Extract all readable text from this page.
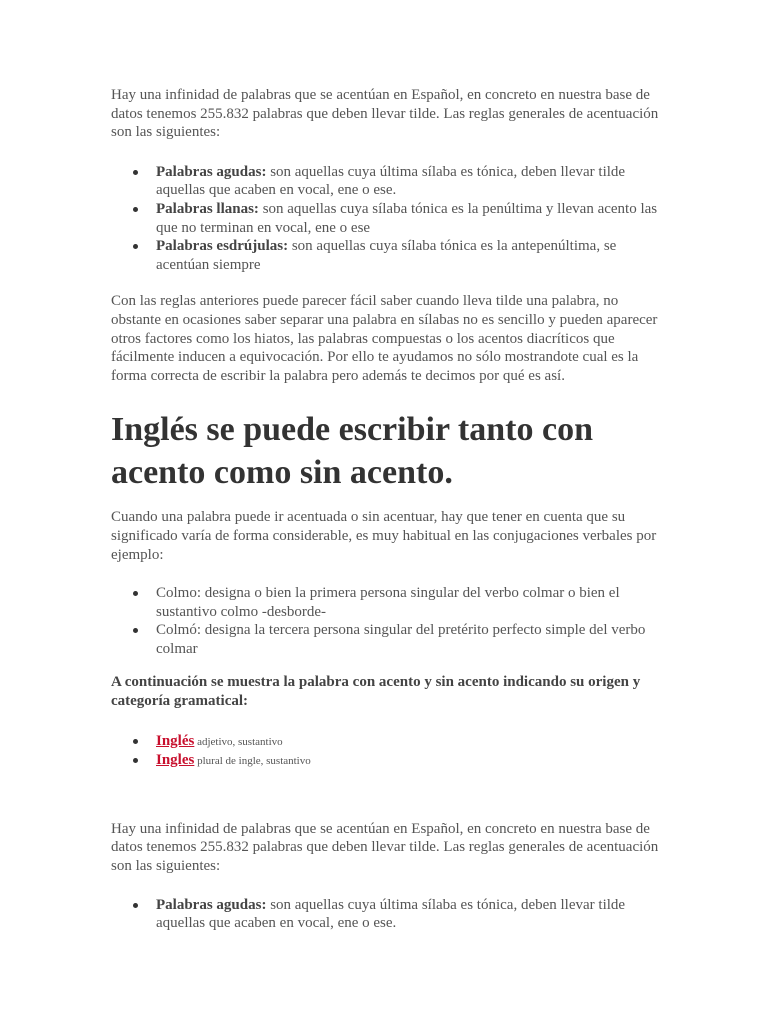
Hay una infinidad de palabras que se acentúan en Español, en concreto en nuestra base de datos tenemos 255.832 palabras que deben llevar tilde. Las reglas generales de acentuación son las siguientes:

Palabras agudas: son aquellas cuya última sílaba es tónica, deben llevar tilde aquellas que acaben en vocal, ene o ese.
Palabras llanas: son aquellas cuya sílaba tónica es la penúltima y llevan acento las que no terminan en vocal, ene o ese
Palabras esdrújulas: son aquellas cuya sílaba tónica es la antepenúltima, se acentúan siempre

Con las reglas anteriores puede parecer fácil saber cuando lleva tilde una palabra, no obstante en ocasiones saber separar una palabra en sílabas no es sencillo y pueden aparecer otros factores como los hiatos, las palabras compuestas o los acentos diacríticos que fácilmente inducen a equivocación. Por ello te ayudamos no sólo mostrandote cual es la forma correcta de escribir la palabra pero además te decimos por qué es así.

Inglés se puede escribir tanto con acento como sin acento.

Cuando una palabra puede ir acentuada o sin acentuar, hay que tener en cuenta que su significado varía de forma considerable, es muy habitual en las conjugaciones verbales por ejemplo:

Colmo: designa o bien la primera persona singular del verbo colmar o bien el sustantivo colmo -desborde-
Colmó: designa la tercera persona singular del pretérito perfecto simple del verbo colmar

A continuación se muestra la palabra con acento y sin acento indicando su origen y categoría gramatical:

Inglés adjetivo, sustantivo
Ingles plural de ingle, sustantivo

Hay una infinidad de palabras que se acentúan en Español, en concreto en nuestra base de datos tenemos 255.832 palabras que deben llevar tilde. Las reglas generales de acentuación son las siguientes:

Palabras agudas: son aquellas cuya última sílaba es tónica, deben llevar tilde aquellas que acaben en vocal, ene o ese.
